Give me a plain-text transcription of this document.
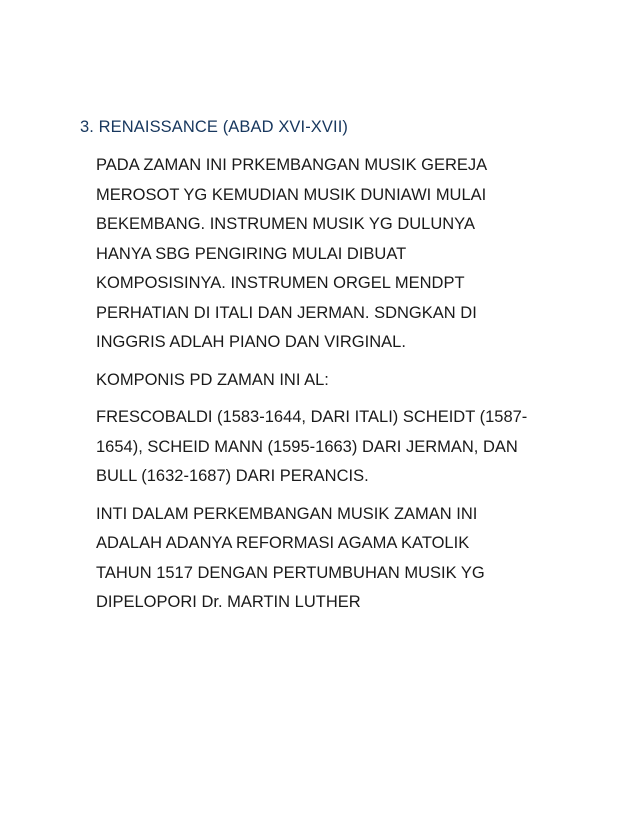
3. RENAISSANCE (ABAD XVI-XVII)

PADA ZAMAN INI PRKEMBANGAN MUSIK GEREJA
MEROSOT YG KEMUDIAN MUSIK DUNIAWI MULAI
BEKEMBANG. INSTRUMEN MUSIK YG DULUNYA
HANYA SBG PENGIRING MULAI DIBUAT
KOMPOSISINYA. INSTRUMEN ORGEL MENDPT
PERHATIAN DI ITALI DAN JERMAN. SDNGKAN DI
INGGRIS ADLAH PIANO DAN VIRGINAL.

KOMPONIS PD ZAMAN INI AL:

FRESCOBALDI (1583-1644, DARI ITALI) SCHEIDT (1587-
1654), SCHEID MANN (1595-1663) DARI JERMAN, DAN
BULL (1632-1687) DARI PERANCIS.

INTI DALAM PERKEMBANGAN MUSIK ZAMAN INI
ADALAH ADANYA REFORMASI AGAMA KATOLIK
TAHUN 1517 DENGAN PERTUMBUHAN MUSIK YG
DIPELOPORI Dr. MARTIN LUTHER
